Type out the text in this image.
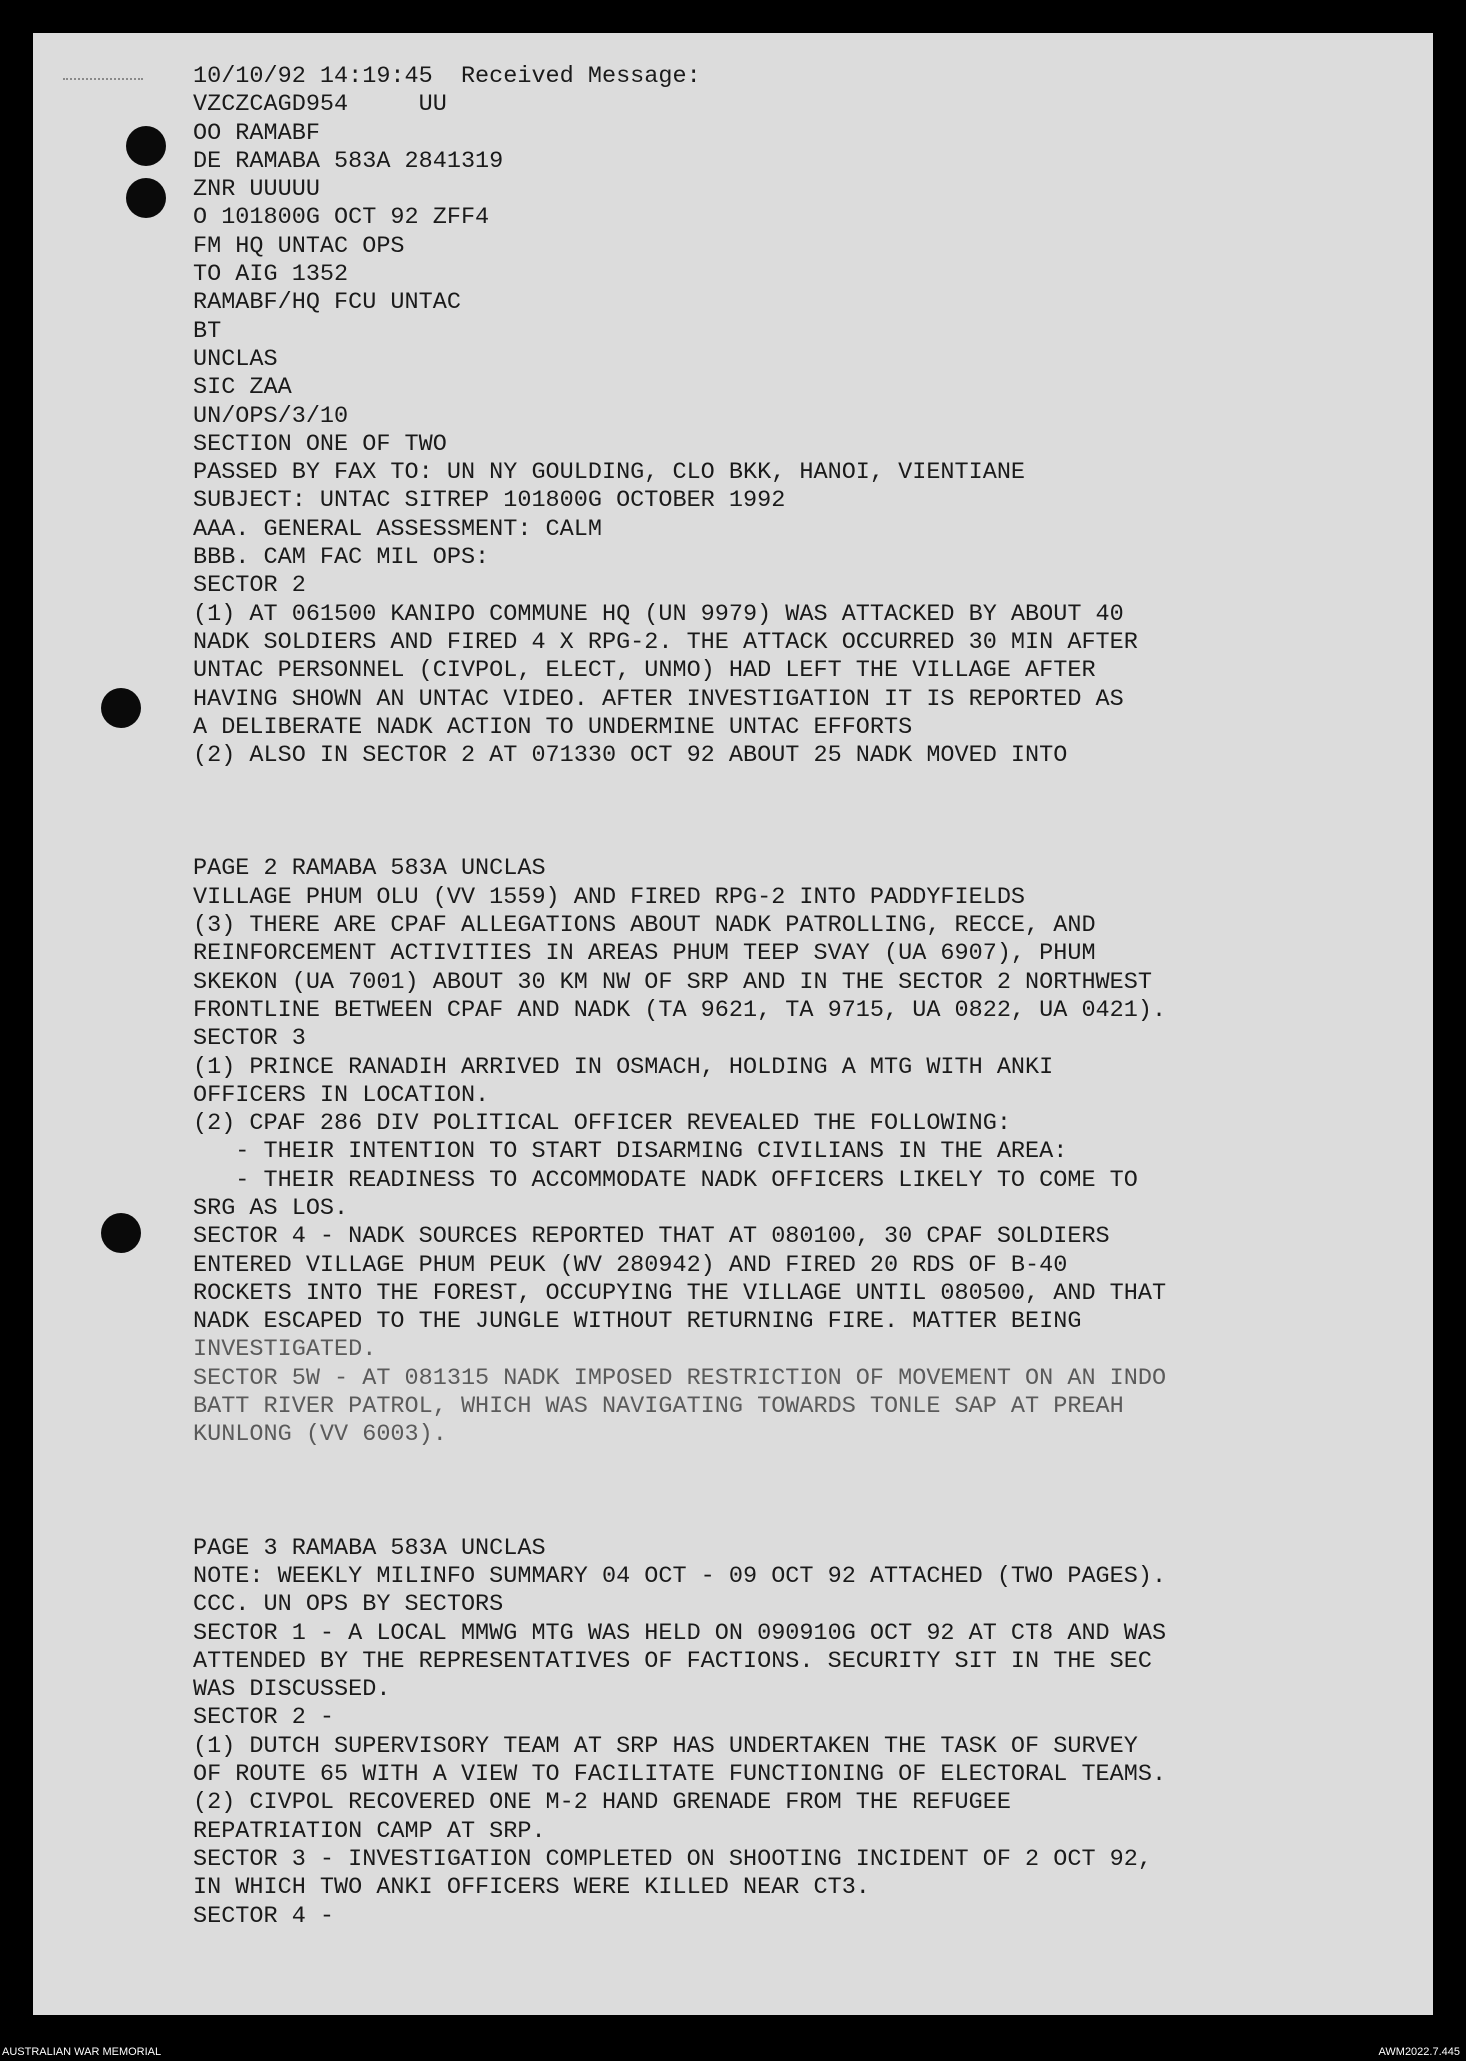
10/10/92 14:19:45  Received Message:
VZCZCAGD954     UU
OO RAMABF
DE RAMABA 583A 2841319
ZNR UUUUU
O 101800G OCT 92 ZFF4
FM HQ UNTAC OPS
TO AIG 1352
RAMABF/HQ FCU UNTAC
BT
UNCLAS
SIC ZAA
UN/OPS/3/10
SECTION ONE OF TWO
PASSED BY FAX TO: UN NY GOULDING, CLO BKK, HANOI, VIENTIANE
SUBJECT: UNTAC SITREP 101800G OCTOBER 1992
AAA. GENERAL ASSESSMENT: CALM
BBB. CAM FAC MIL OPS:
SECTOR 2
(1) AT 061500 KANIPO COMMUNE HQ (UN 9979) WAS ATTACKED BY ABOUT 40
NADK SOLDIERS AND FIRED 4 X RPG-2. THE ATTACK OCCURRED 30 MIN AFTER
UNTAC PERSONNEL (CIVPOL, ELECT, UNMO) HAD LEFT THE VILLAGE AFTER
HAVING SHOWN AN UNTAC VIDEO. AFTER INVESTIGATION IT IS REPORTED AS
A DELIBERATE NADK ACTION TO UNDERMINE UNTAC EFFORTS
(2) ALSO IN SECTOR 2 AT 071330 OCT 92 ABOUT 25 NADK MOVED INTO
PAGE 2 RAMABA 583A UNCLAS
VILLAGE PHUM OLU (VV 1559) AND FIRED RPG-2 INTO PADDYFIELDS
(3) THERE ARE CPAF ALLEGATIONS ABOUT NADK PATROLLING, RECCE, AND
REINFORCEMENT ACTIVITIES IN AREAS PHUM TEEP SVAY (UA 6907), PHUM
SKEKON (UA 7001) ABOUT 30 KM NW OF SRP AND IN THE SECTOR 2 NORTHWEST
FRONTLINE BETWEEN CPAF AND NADK (TA 9621, TA 9715, UA 0822, UA 0421).
SECTOR 3
(1) PRINCE RANADIH ARRIVED IN OSMACH, HOLDING A MTG WITH ANKI
OFFICERS IN LOCATION.
(2) CPAF 286 DIV POLITICAL OFFICER REVEALED THE FOLLOWING:
- THEIR INTENTION TO START DISARMING CIVILIANS IN THE AREA:
- THEIR READINESS TO ACCOMMODATE NADK OFFICERS LIKELY TO COME TO
SRG AS LOS.
SECTOR 4 - NADK SOURCES REPORTED THAT AT 080100, 30 CPAF SOLDIERS
ENTERED VILLAGE PHUM PEUK (WV 280942) AND FIRED 20 RDS OF B-40
ROCKETS INTO THE FOREST, OCCUPYING THE VILLAGE UNTIL 080500, AND THAT
NADK ESCAPED TO THE JUNGLE WITHOUT RETURNING FIRE. MATTER BEING
INVESTIGATED.
SECTOR 5W - AT 081315 NADK IMPOSED RESTRICTION OF MOVEMENT ON AN INDO
BATT RIVER PATROL, WHICH WAS NAVIGATING TOWARDS TONLE SAP AT PREAH
KUNLONG (VV 6003).
PAGE 3 RAMABA 583A UNCLAS
NOTE: WEEKLY MILINFO SUMMARY 04 OCT - 09 OCT 92 ATTACHED (TWO PAGES).
CCC. UN OPS BY SECTORS
SECTOR 1 - A LOCAL MMWG MTG WAS HELD ON 090910G OCT 92 AT CT8 AND WAS
ATTENDED BY THE REPRESENTATIVES OF FACTIONS. SECURITY SIT IN THE SEC
WAS DISCUSSED.
SECTOR 2 -
(1) DUTCH SUPERVISORY TEAM AT SRP HAS UNDERTAKEN THE TASK OF SURVEY
OF ROUTE 65 WITH A VIEW TO FACILITATE FUNCTIONING OF ELECTORAL TEAMS.
(2) CIVPOL RECOVERED ONE M-2 HAND GRENADE FROM THE REFUGEE
REPATRIATION CAMP AT SRP.
SECTOR 3 - INVESTIGATION COMPLETED ON SHOOTING INCIDENT OF 2 OCT 92,
IN WHICH TWO ANKI OFFICERS WERE KILLED NEAR CT3.
SECTOR 4 -
AUSTRALIAN WAR MEMORIAL	AWM2022.7.445
